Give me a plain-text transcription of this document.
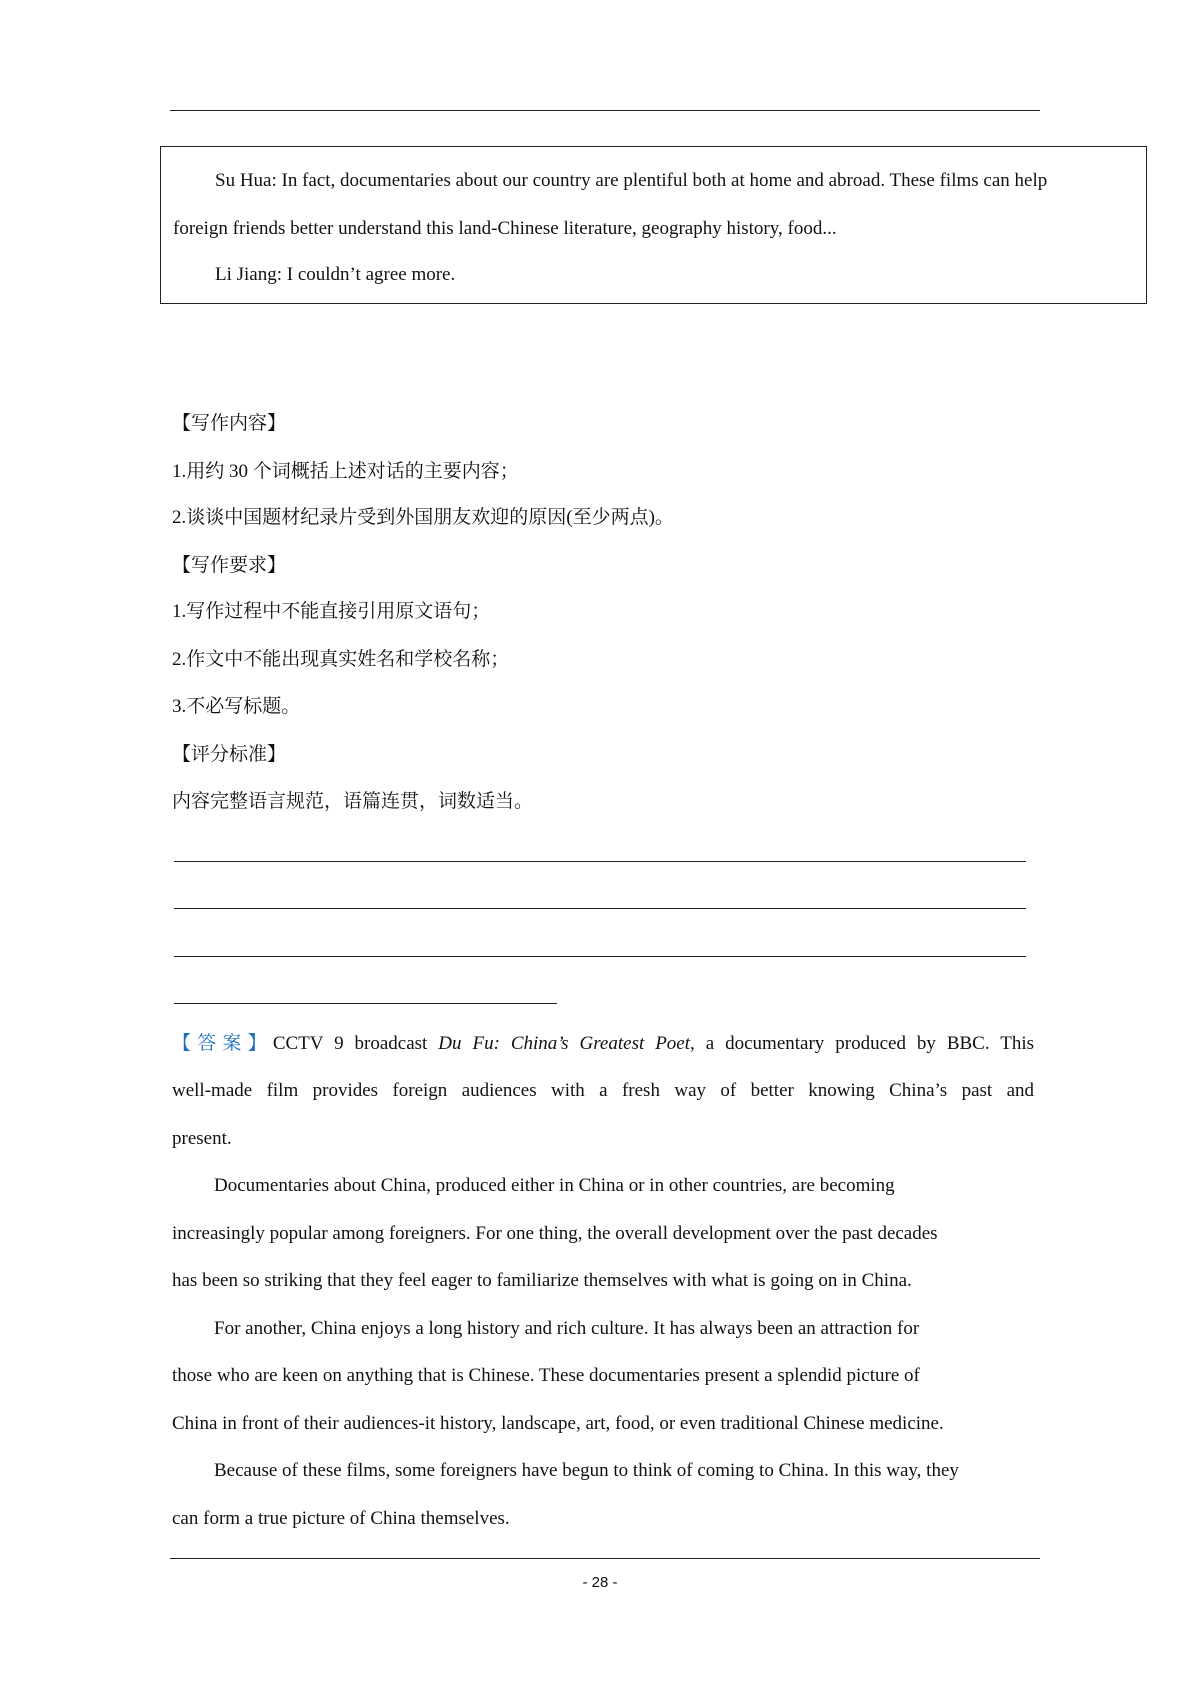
Su Hua: In fact, documentaries about our country are plentiful both at home and abroad. These films can help
foreign friends better understand this land-Chinese literature, geography history, food...
Li Jiang: I couldn’t agree more.
【写作内容】
1.用约 30 个词概括上述对话的主要内容；
2.谈谈中国题材纪录片受到外国朋友欢迎的原因(至少两点)。
【写作要求】
1.写作过程中不能直接引用原文语句；
2.作文中不能出现真实姓名和学校名称；
3.不必写标题。
【评分标准】
内容完整语言规范，语篇连贯，词数适当。
【答案】CCTV 9 broadcast Du Fu: China’s Greatest Poet, a documentary produced by BBC. This
well-made film provides foreign audiences with a fresh way of better knowing China’s past and
present.
Documentaries about China, produced either in China or in other countries, are becoming
increasingly popular among foreigners. For one thing, the overall development over the past decades
has been so striking that they feel eager to familiarize themselves with what is going on in China.
For another, China enjoys a long history and rich culture. It has always been an attraction for
those who are keen on anything that is Chinese. These documentaries present a splendid picture of
China in front of their audiences-it history, landscape, art, food, or even traditional Chinese medicine.
Because of these films, some foreigners have begun to think of coming to China. In this way, they
can form a true picture of China themselves.
- 28 -
